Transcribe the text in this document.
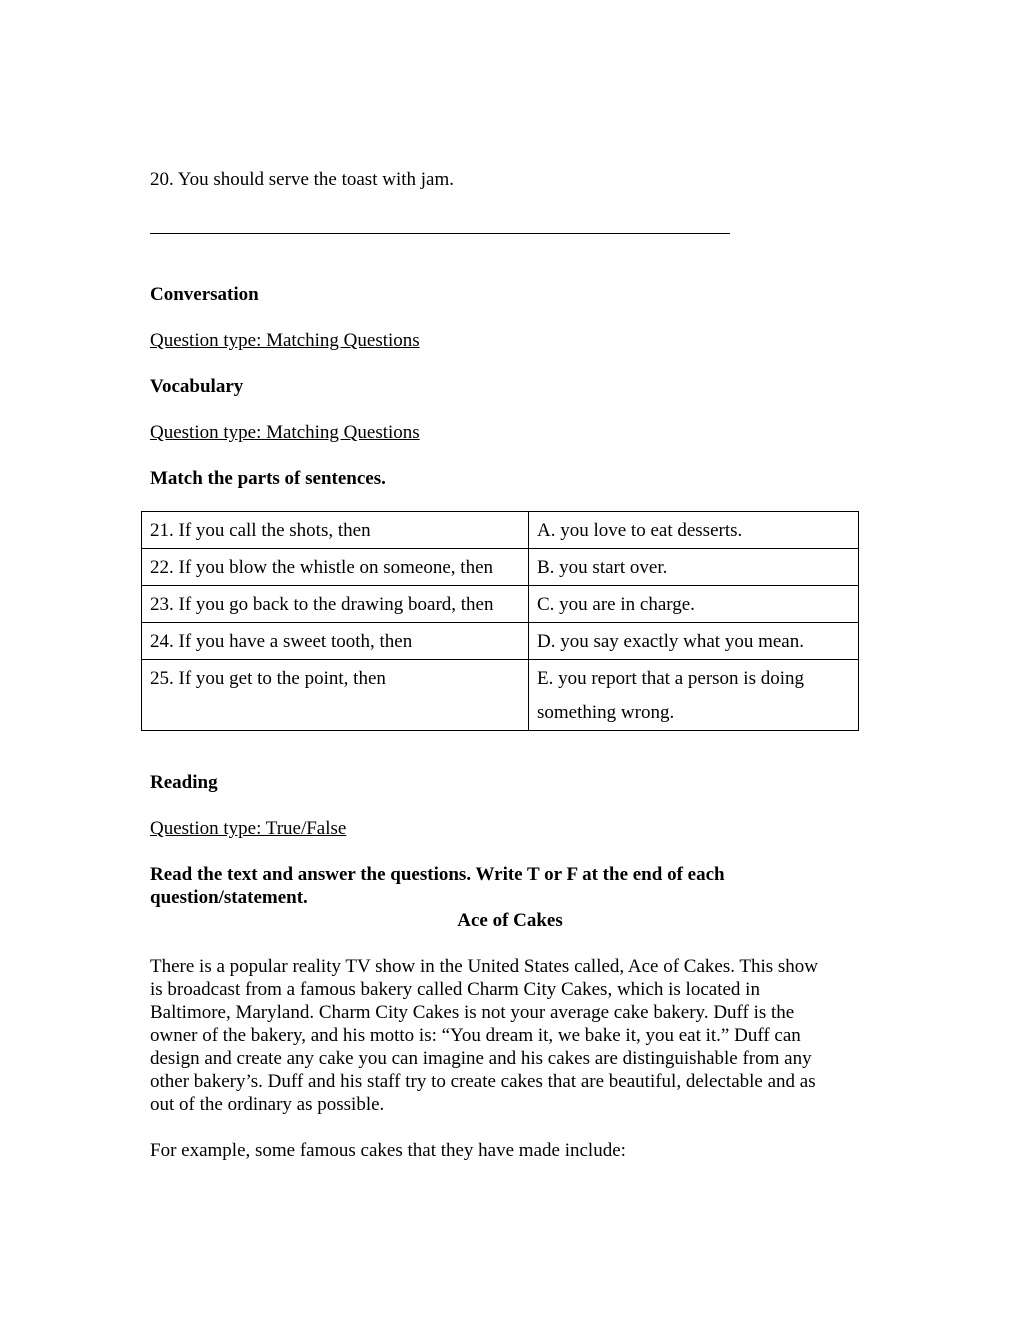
20. You should serve the toast with jam.
Conversation
Question type: Matching Questions
Vocabulary
Question type: Matching Questions
Match the parts of sentences.
21. If you call the shots, then	A. you love to eat desserts.
22. If you blow the whistle on someone, then	B. you start over.
23. If you go back to the drawing board, then	C. you are in charge.
24. If you have a sweet tooth, then	D. you say exactly what you mean.
25. If you get to the point, then	E. you report that a person is doing something wrong.
Reading
Question type: True/False
Read the text and answer the questions. Write T or F at the end of each
question/statement.
Ace of Cakes
There is a popular reality TV show in the United States called, Ace of Cakes. This show
is broadcast from a famous bakery called Charm City Cakes, which is located in
Baltimore, Maryland. Charm City Cakes is not your average cake bakery. Duff is the
owner of the bakery, and his motto is: “You dream it, we bake it, you eat it.” Duff can
design and create any cake you can imagine and his cakes are distinguishable from any
other bakery’s. Duff and his staff try to create cakes that are beautiful, delectable and as
out of the ordinary as possible.
For example, some famous cakes that they have made include:
